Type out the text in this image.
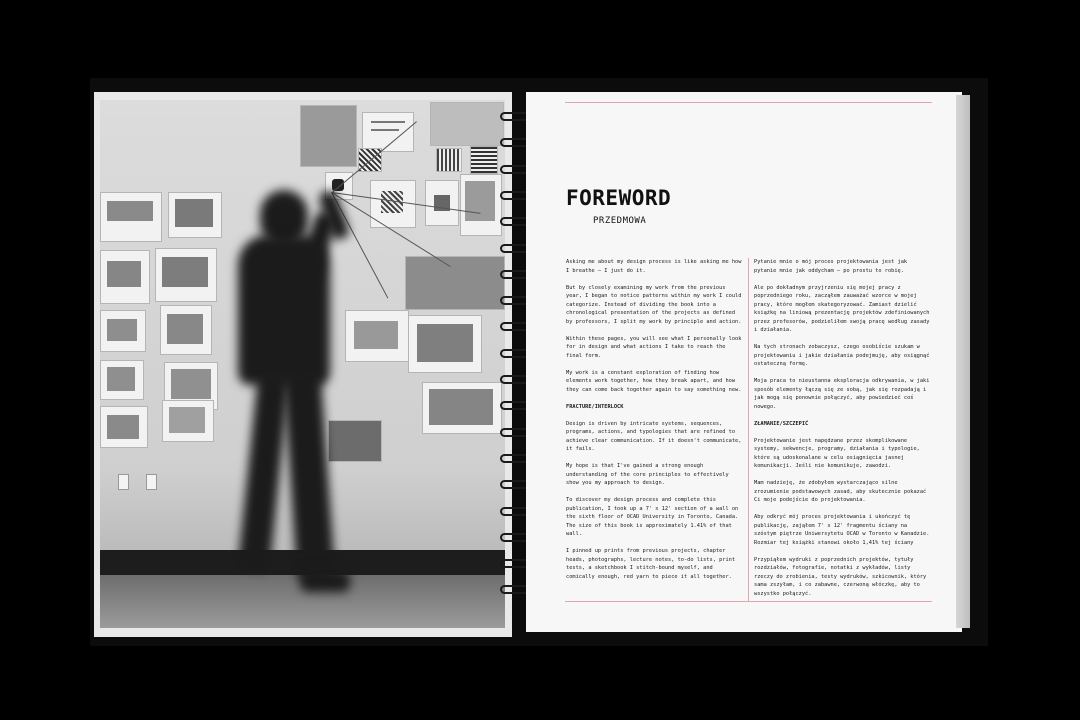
FOREWORD
PRZEDMOWA

Asking me about my design process is like asking me how I breathe — I just do it.

But by closely examining my work from the previous year, I began to notice patterns within my work I could categorize. Instead of dividing the book into a chronological presentation of the projects as defined by professors, I split my work by principle and action.

Within these pages, you will see what I personally look for in design and what actions I take to reach the final form.

My work is a constant exploration of finding how elements work together, how they break apart, and how they can come back together again to say something new.

FRACTURE/INTERLOCK

Design is driven by intricate systems, sequences, programs, actions, and typologies that are refined to achieve clear communication. If it doesn't communicate, it fails.

My hope is that I've gained a strong enough understanding of the core principles to effectively show you my approach to design.

To discover my design process and complete this publication, I took up a 7' x 12' section of a wall on the sixth floor of OCAD University in Toronto, Canada. The size of this book is approximately 1.41% of that wall.

I pinned up prints from previous projects, chapter heads, photographs, lecture notes, to-do lists, print tests, a sketchbook I stitch-bound myself, and comically enough, red yarn to piece it all together.

Pytanie mnie o mój proces projektowania jest jak pytanie mnie jak oddycham — po prostu to robię.

Ale po dokładnym przyjrzeniu się mojej pracy z poprzedniego roku, zacząłem zauważać wzorce w mojej pracy, które mogłem skategoryzować. Zamiast dzielić książkę na liniową prezentację projektów zdefiniowanych przez profesorów, podzieliłem swoją pracę według zasady i działania.

Na tych stronach zobaczysz, czego osobiście szukam w projektowaniu i jakie działania podejmuję, aby osiągnąć ostateczną formę.

Moja praca to nieustanna eksploracja odkrywania, w jaki sposób elementy łączą się ze sobą, jak się rozpadają i jak mogą się ponownie połączyć, aby powiedzieć coś nowego.

ZŁAMANIE/SZCZEPIĆ

Projektowanie jest napędzane przez skomplikowane systemy, sekwencje, programy, działania i typologie, które są udoskonalane w celu osiągnięcia jasnej komunikacji. Jeśli nie komunikuje, zawodzi.

Mam nadzieję, że zdobyłem wystarczająco silne zrozumienie podstawowych zasad, aby skutecznie pokazać Ci moje podejście do projektowania.

Aby odkryć mój proces projektowania i ukończyć tę publikację, zająłem 7' x 12' fragmentu ściany na szóstym piętrze Uniwersytetu OCAD w Toronto w Kanadzie. Rozmiar tej książki stanowi około 1,41% tej ściany

Przypiąłem wydruki z poprzednich projektów, tytuły rozdziałów, fotografie, notatki z wykładów, listy rzeczy do zrobienia, testy wydruków, szkicownik, który sama zszyłam, i co zabawne, czerwoną włóczkę, aby to wszystko połączyć.
